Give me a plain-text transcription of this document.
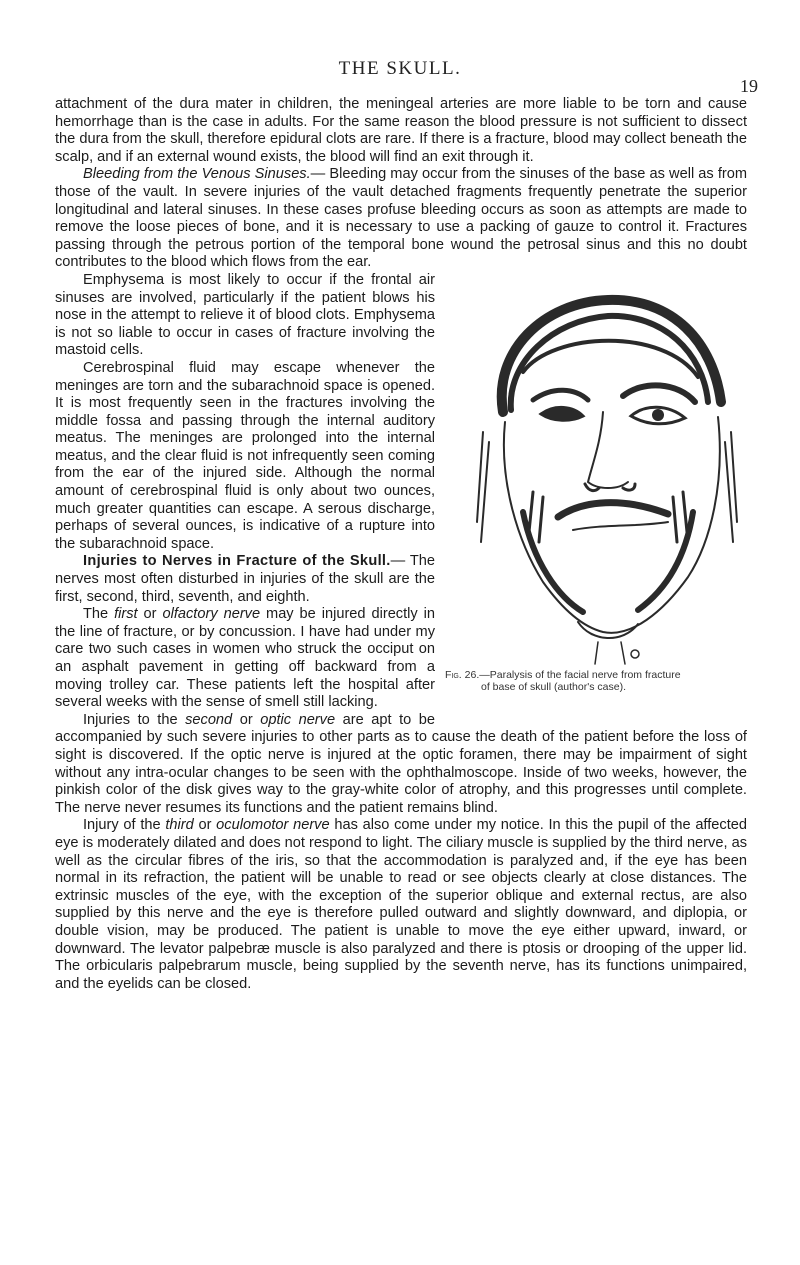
THE SKULL.
19

attachment of the dura mater in children, the meningeal arteries are more liable to be torn and cause hemorrhage than is the case in adults. For the same reason the blood pressure is not sufficient to dissect the dura from the skull, therefore epidural clots are rare. If there is a fracture, blood may collect beneath the scalp, and if an external wound exists, the blood will find an exit through it.

Bleeding from the Venous Sinuses.— Bleeding may occur from the sinuses of the base as well as from those of the vault. In severe injuries of the vault detached fragments frequently penetrate the superior longitudinal and lateral sinuses. In these cases profuse bleeding occurs as soon as attempts are made to remove the loose pieces of bone, and it is necessary to use a packing of gauze to control it. Fractures passing through the petrous portion of the temporal bone wound the petrosal sinus and this no doubt contributes to the blood which flows from the ear.

Fig. 26.—Paralysis of the facial nerve from fracture
of base of skull (author's case).

Emphysema is most likely to occur if the frontal air sinuses are involved, particularly if the patient blows his nose in the attempt to relieve it of blood clots. Emphysema is not so liable to occur in cases of fracture involving the mastoid cells.

Cerebrospinal fluid may escape whenever the meninges are torn and the subarachnoid space is opened. It is most frequently seen in the fractures involving the middle fossa and passing through the internal auditory meatus. The meninges are prolonged into the internal meatus, and the clear fluid is not infrequently seen coming from the ear of the injured side. Although the normal amount of cerebrospinal fluid is only about two ounces, much greater quantities can escape. A serous discharge, perhaps of several ounces, is indicative of a rupture into the subarachnoid space.

Injuries to Nerves in Fracture of the Skull.— The nerves most often disturbed in injuries of the skull are the first, second, third, seventh, and eighth.

The first or olfactory nerve may be injured directly in the line of fracture, or by concussion. I have had under my care two such cases in women who struck the occiput on an asphalt pavement in getting off backward from a moving trolley car. These patients left the hospital after several weeks with the sense of smell still lacking.

Injuries to the second or optic nerve are apt to be accompanied by such severe injuries to other parts as to cause the death of the patient before the loss of sight is discovered. If the optic nerve is injured at the optic foramen, there may be impairment of sight without any intra-ocular changes to be seen with the ophthalmoscope. Inside of two weeks, however, the pinkish color of the disk gives way to the gray-white color of atrophy, and this progresses until complete. The nerve never resumes its functions and the patient remains blind.

Injury of the third or oculomotor nerve has also come under my notice. In this the pupil of the affected eye is moderately dilated and does not respond to light. The ciliary muscle is supplied by the third nerve, as well as the circular fibres of the iris, so that the accommodation is paralyzed and, if the eye has been normal in its refraction, the patient will be unable to read or see objects clearly at close distances. The extrinsic muscles of the eye, with the exception of the superior oblique and external rectus, are also supplied by this nerve and the eye is therefore pulled outward and slightly downward, and diplopia, or double vision, may be produced. The patient is unable to move the eye either upward, inward, or downward. The levator palpebræ muscle is also paralyzed and there is ptosis or drooping of the upper lid. The orbicularis palpebrarum muscle, being supplied by the seventh nerve, has its functions unimpaired, and the eyelids can be closed.
